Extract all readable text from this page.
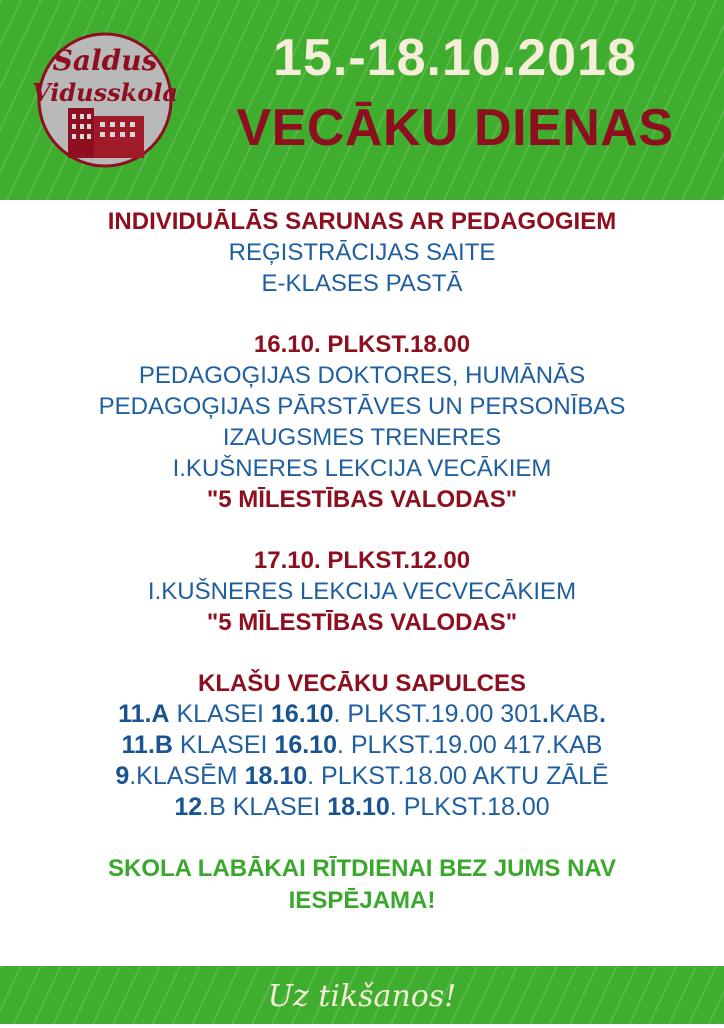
Saldus
Vidusskola
15.-18.10.2018
VECĀKU DIENAS
INDIVIDUĀLĀS SARUNAS AR PEDAGOGIEM
REĢISTRĀCIJAS SAITE
E-KLASES PASTĀ
16.10. PLKST.18.00
PEDAGOĢIJAS DOKTORES, HUMĀNĀS
PEDAGOĢIJAS PĀRSTĀVES UN PERSONĪBAS
IZAUGSMES TRENERES
I.KUŠNERES LEKCIJA VECĀKIEM
"5 MĪLESTĪBAS VALODAS"
17.10. PLKST.12.00
I.KUŠNERES LEKCIJA VECVECĀKIEM
"5 MĪLESTĪBAS VALODAS"
KLAŠU VECĀKU SAPULCES
11.A KLASEI 16.10. PLKST.19.00 301.KAB.
11.B KLASEI 16.10. PLKST.19.00 417.KAB
9.KLASĒM 18.10. PLKST.18.00 AKTU ZĀLĒ
12.B KLASEI 18.10. PLKST.18.00
SKOLA LABĀKAI RĪTDIENAI BEZ JUMS NAV
IESPĒJAMA!
Uz tikšanos!
